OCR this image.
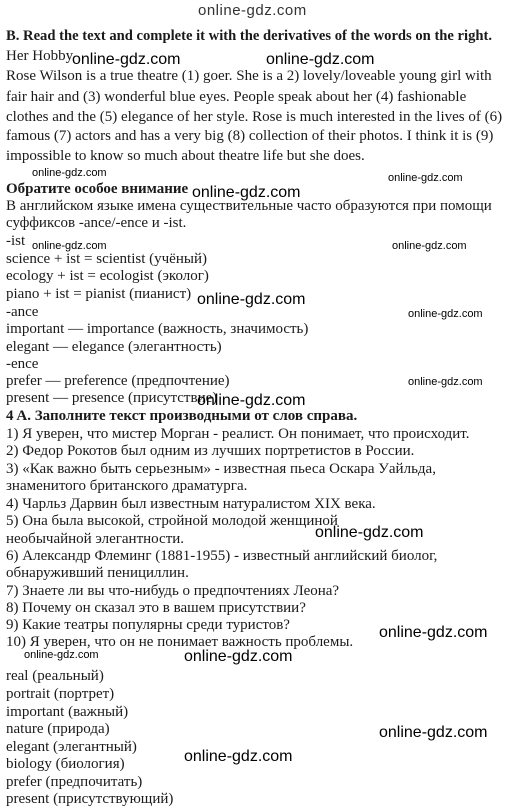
online-gdz.com
B. Read the text and complete it with the derivatives of the words on the right.
Her Hobby
Rose Wilson is a true theatre (1) goer. She is a 2) lovely/loveable young girl with
fair hair and (3) wonderful blue eyes. People speak about her (4) fashionable
clothes and the (5) elegance of her style. Rose is much interested in the lives of (6)
famous (7) actors and has a very big (8) collection of their photos. I think it is (9)
impossible to know so much about theatre life but she does.
Обратите особое внимание
В английском языке имена существительные часто образуются при помощи
суффиксов -ance/-ence и -ist.
-ist
science + ist = scientist (учёный)
ecology + ist = ecologist (эколог)
piano + ist = pianist (пианист)
-ance
important — importance (важность, значимость)
elegant — elegance (элегантность)
-ence
prefer — preference (предпочтение)
present — presence (присутствие)
4 A. Заполните текст производными от слов справа.
1) Я уверен, что мистер Морган - реалист. Он понимает, что происходит.
2) Федор Рокотов был одним из лучших портретистов в России.
3) «Как важно быть серьезным» - известная пьеса Оскара Уайльда,
знаменитого британского драматурга.
4) Чарльз Дарвин был известным натуралистом XIX века.
5) Она была высокой, стройной молодой женщиной
необычайной элегантности.
6) Александр Флеминг (1881-1955) - известный английский биолог,
обнаруживший пенициллин.
7) Знаете ли вы что-нибудь о предпочтениях Леона?
8) Почему он сказал это в вашем присутствии?
9) Какие театры популярны среди туристов?
10) Я уверен, что он не понимает важность проблемы.
real (реальный)
portrait (портрет)
important (важный)
nature (природа)
elegant (элегантный)
biology (биология)
prefer (предпочитать)
present (присутствующий)
online-gdz.com	online-gdz.com
online-gdz.com	online-gdz.com
online-gdz.com
online-gdz.com	online-gdz.com
online-gdz.com
online-gdz.com
online-gdz.com
online-gdz.com
online-gdz.com
online-gdz.com
online-gdz.com	online-gdz.com
online-gdz.com
online-gdz.com
